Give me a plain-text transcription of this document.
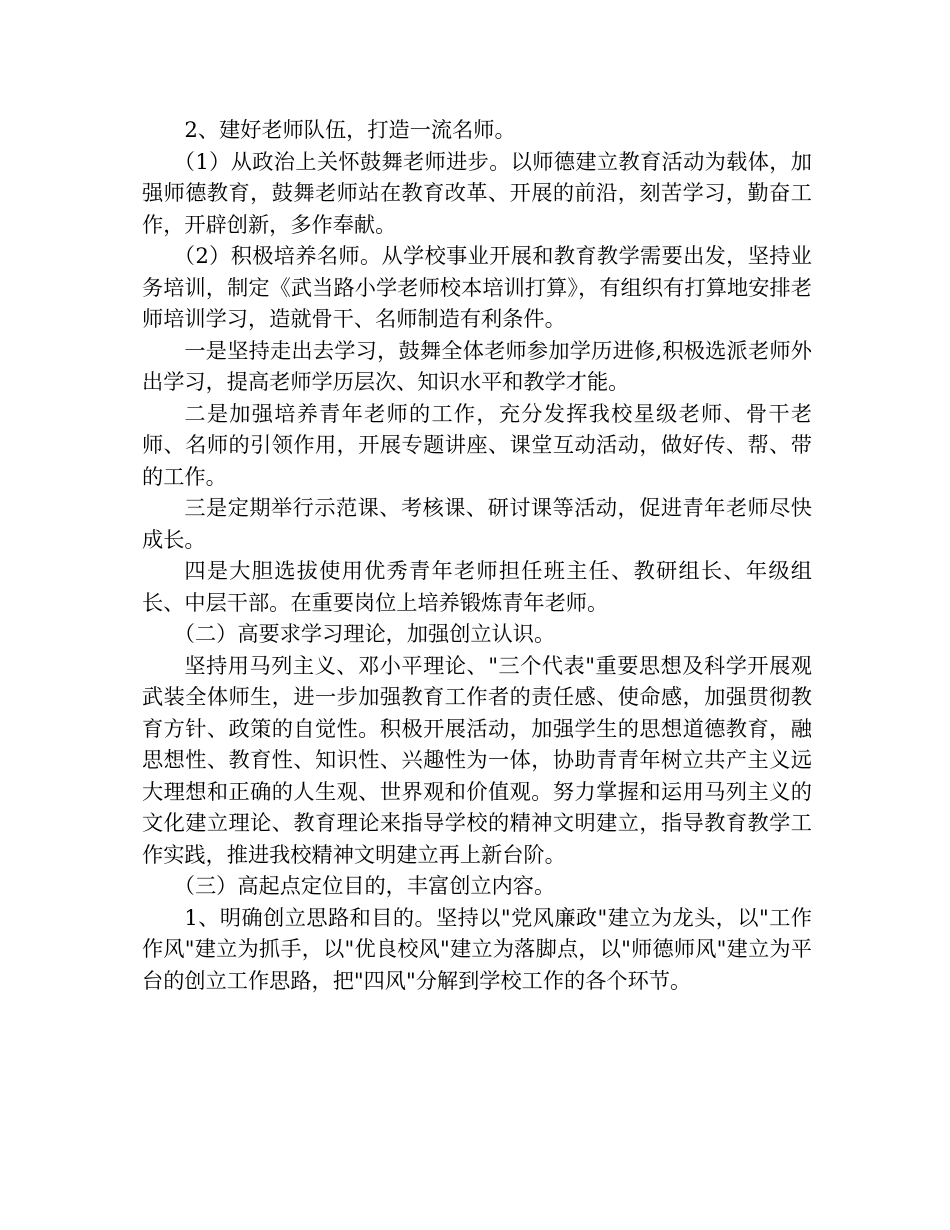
2、建好老师队伍，打造一流名师。

（1）从政治上关怀鼓舞老师进步。以师德建立教育活动为载体，加强师德教育，鼓舞老师站在教育改革、开展的前沿，刻苦学习，勤奋工作，开辟创新，多作奉献。

（2）积极培养名师。从学校事业开展和教育教学需要出发，坚持业务培训，制定《武当路小学老师校本培训打算》，有组织有打算地安排老师培训学习，造就骨干、名师制造有利条件。

一是坚持走出去学习，鼓舞全体老师参加学历进修,积极选派老师外出学习，提高老师学历层次、知识水平和教学才能。

二是加强培养青年老师的工作，充分发挥我校星级老师、骨干老师、名师的引领作用，开展专题讲座、课堂互动活动，做好传、帮、带的工作。

三是定期举行示范课、考核课、研讨课等活动，促进青年老师尽快成长。

四是大胆选拔使用优秀青年老师担任班主任、教研组长、年级组长、中层干部。在重要岗位上培养锻炼青年老师。

（二）高要求学习理论，加强创立认识。

坚持用马列主义、邓小平理论、"三个代表"重要思想及科学开展观武装全体师生，进一步加强教育工作者的责任感、使命感，加强贯彻教育方针、政策的自觉性。积极开展活动，加强学生的思想道德教育，融思想性、教育性、知识性、兴趣性为一体，协助青青年树立共产主义远大理想和正确的人生观、世界观和价值观。努力掌握和运用马列主义的文化建立理论、教育理论来指导学校的精神文明建立，指导教育教学工作实践，推进我校精神文明建立再上新台阶。

（三）高起点定位目的，丰富创立内容。

1、明确创立思路和目的。坚持以"党风廉政"建立为龙头，以"工作作风"建立为抓手，以"优良校风"建立为落脚点，以"师德师风"建立为平台的创立工作思路，把"四风"分解到学校工作的各个环节。
